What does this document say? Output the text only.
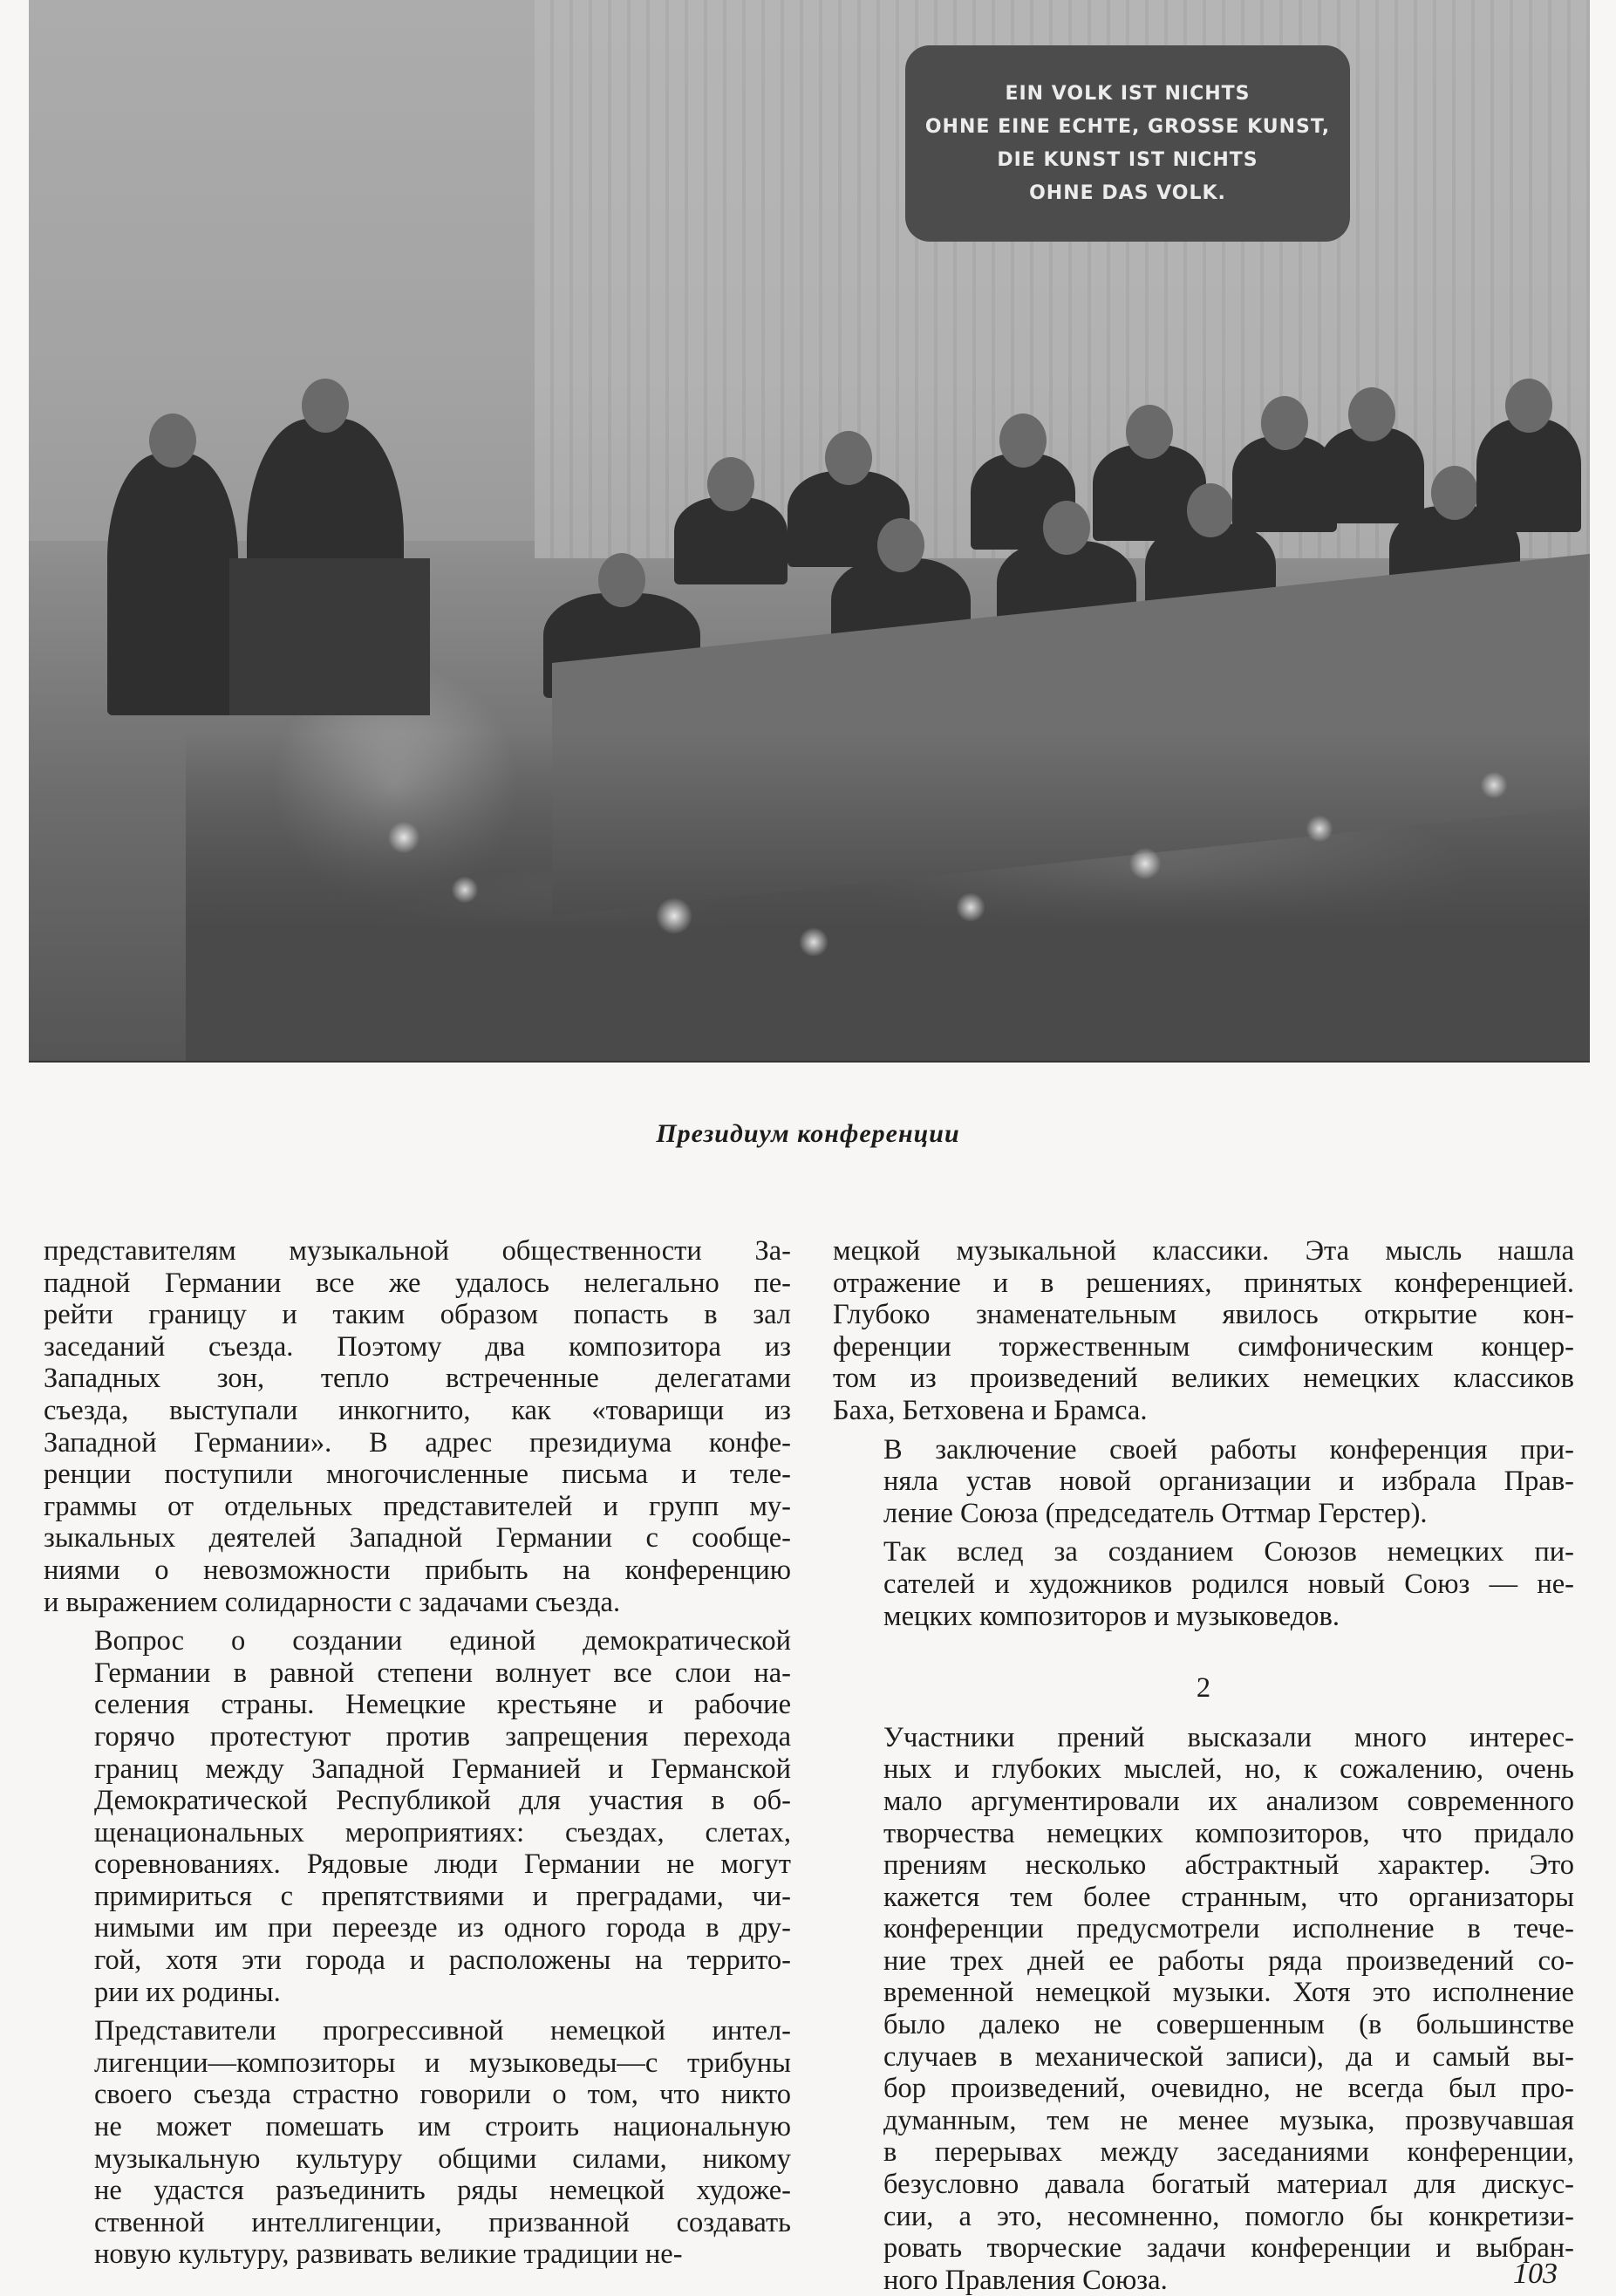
EIN VOLK IST NICHTS
OHNE EINE ECHTE, GROSSE KUNST,
DIE KUNST IST NICHTS
OHNE DAS VOLK.
Президиум конференции

представителям музыкальной общественности За-
падной Германии все же удалось нелегально пе-
рейти границу и таким образом попасть в зал
заседаний съезда. Поэтому два композитора из
Западных зон, тепло встреченные делегатами
съезда, выступали инкогнито, как «товарищи из
Западной Германии». В адрес президиума конфе-
ренции поступили многочисленные письма и теле-
граммы от отдельных представителей и групп му-
зыкальных деятелей Западной Германии с сообще-
ниями о невозможности прибыть на конференцию
и выражением солидарности с задачами съезда.

Вопрос о создании единой демократической
Германии в равной степени волнует все слои на-
селения страны. Немецкие крестьяне и рабочие
горячо протестуют против запрещения перехода
границ между Западной Германией и Германской
Демократической Республикой для участия в об-
щенациональных мероприятиях: съездах, слетах,
соревнованиях. Рядовые люди Германии не могут
примириться с препятствиями и преградами, чи-
нимыми им при переезде из одного города в дру-
гой, хотя эти города и расположены на террито-
рии их родины.

Представители прогрессивной немецкой интел-
лигенции—композиторы и музыковеды—с трибуны
своего съезда страстно говорили о том, что никто
не может помешать им строить национальную
музыкальную культуру общими силами, никому
не удастся разъединить ряды немецкой художе-
ственной интеллигенции, призванной создавать
новую культуру, развивать великие традиции не-

мецкой музыкальной классики. Эта мысль нашла
отражение и в решениях, принятых конференцией.
Глубоко знаменательным явилось открытие кон-
ференции торжественным симфоническим концер-
том из произведений великих немецких классиков
Баха, Бетховена и Брамса.

В заключение своей работы конференция при-
няла устав новой организации и избрала Прав-
ление Союза (председатель Оттмар Герстер).

Так вслед за созданием Союзов немецких пи-
сателей и художников родился новый Союз — не-
мецких композиторов и музыковедов.

2

Участники прений высказали много интерес-
ных и глубоких мыслей, но, к сожалению, очень
мало аргументировали их анализом современного
творчества немецких композиторов, что придало
прениям несколько абстрактный характер. Это
кажется тем более странным, что организаторы
конференции предусмотрели исполнение в тече-
ние трех дней ее работы ряда произведений со-
временной немецкой музыки. Хотя это исполнение
было далеко не совершенным (в большинстве
случаев в механической записи), да и самый вы-
бор произведений, очевидно, не всегда был про-
думанным, тем не менее музыка, прозвучавшая
в перерывах между заседаниями конференции,
безусловно давала богатый материал для дискус-
сии, а это, несомненно, помогло бы конкретизи-
ровать творческие задачи конференции и выбран-
ного Правления Союза.	103
